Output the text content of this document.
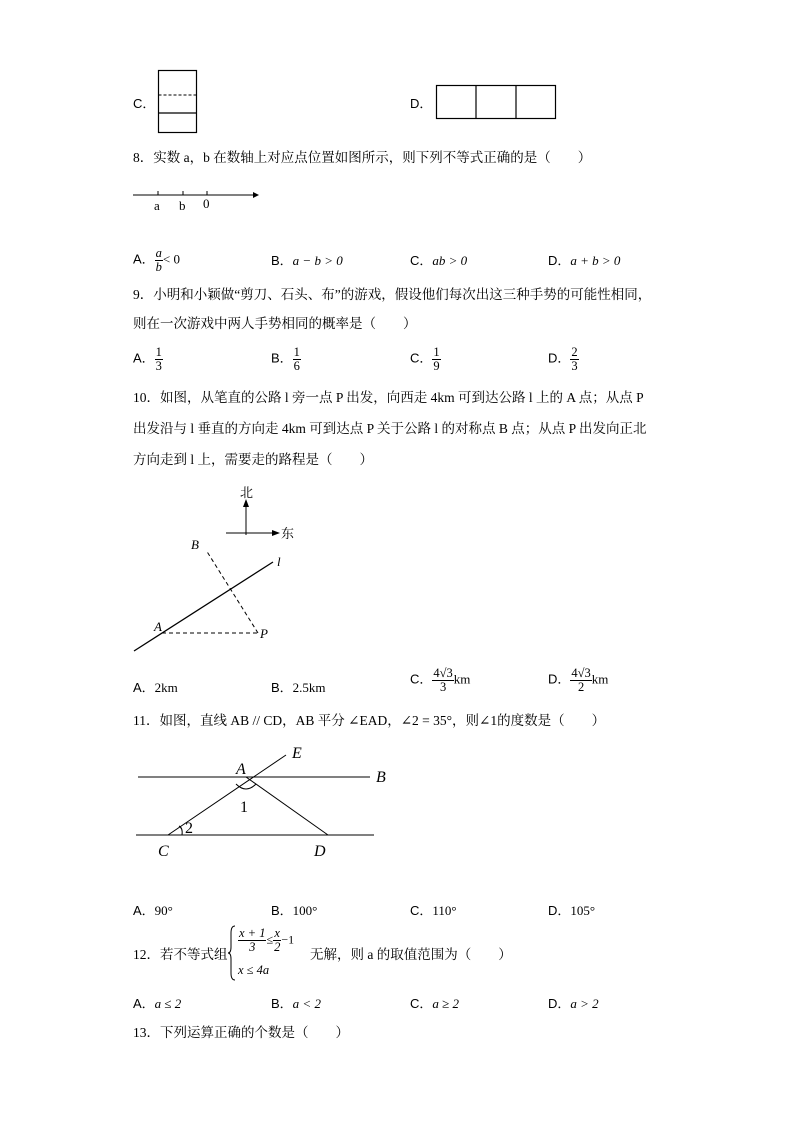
C．	D．
8．实数 a，b 在数轴上对应点位置如图所示，则下列不等式正确的是（　　）
a b 0
A． $\frac{a}{b} < 0$	B．a − b > 0	C．ab > 0	D．a + b > 0
9．小明和小颖做“剪刀、石头、布”的游戏，假设他们每次出这三种手势的可能性相同，
则在一次游戏中两人手势相同的概率是（　　）
A． $\frac{1}{3}$	B． $\frac{1}{6}$	C． $\frac{1}{9}$	D． $\frac{2}{3}$
10．如图，从笔直的公路 l 旁一点 P 出发，向西走 4km 可到达公路 l 上的 A 点；从点 P
出发沿与 l 垂直的方向走 4km 可到达点 P 关于公路 l 的对称点 B 点；从点 P 出发向正北
方向走到 l 上，需要走的路程是（　　）
北
东
l
B
A	P
A．2km	B．2.5km
C． $\frac{4√3}{3}$ km	D． $\frac{4√3}{2}$ km
11．如图，直线 AB // CD，AB 平分 ∠EAD，∠2 = 35°，则∠1的度数是（　　）
A
E
B
C	D
1
2
A．90°	B．100°	C．110°	D．105°
12．若不等式组
$\frac{x + 1}{3} \le \frac{x}{2} -1$
x ≤ 4a
无解，则 a 的取值范围为（　　）
A．a ≤ 2	B．a < 2	C．a ≥ 2	D．a > 2
13．下列运算正确的个数是（　　）
